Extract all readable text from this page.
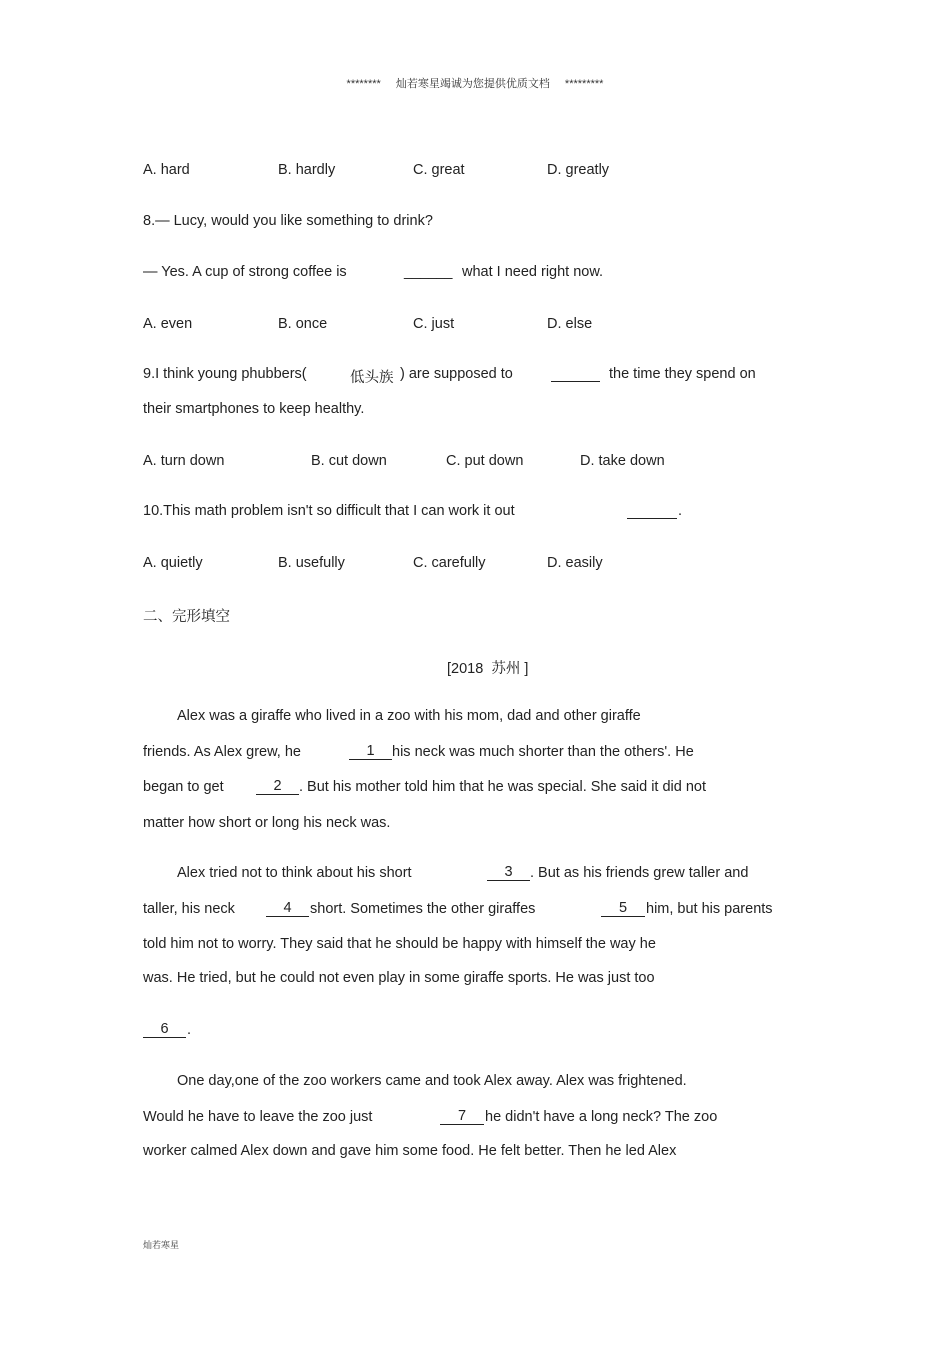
******** 灿若寒星竭诚为您提供优质文档 *********
A. hard	B. hardly	C. great	D. greatly
8.— Lucy, would you like something to drink?
— Yes. A cup of strong coffee is	______ what I need right now.
A. even	B. once	C. just	D. else
9.I think young phubbers(	低头族 ) are supposed to
	the time they spend on
their smartphones to keep healthy.
A. turn down	B. cut down	C. put down	D. take down
10.This math problem isn't so difficult that I can work it out
	.
A. quietly	B. usefully	C. carefully	D. easily
二、完形填空
[2018 苏州 ]
Alex was a giraffe who lived in a zoo with his mom, dad and other giraffe
friends. As Alex grew, he	1	his neck was much shorter than the others'. He
began to get	2	. But his mother told him that he was special. She said it did not
matter how short or long his neck was.
Alex tried not to think about his short	3	. But as his friends grew taller and
taller, his neck	4	short. Sometimes the other giraffes	5	him, but his parents
told him not to worry. They said that he should be happy with himself the way he
was. He tried, but he could not even play in some giraffe sports. He was just too
6	.
One day,one of the zoo workers came and took Alex away. Alex was frightened.
Would he have to leave the zoo just	7	he didn't have a long neck? The zoo
worker calmed Alex down and gave him some food. He felt better. Then he led Alex
灿若寒星
